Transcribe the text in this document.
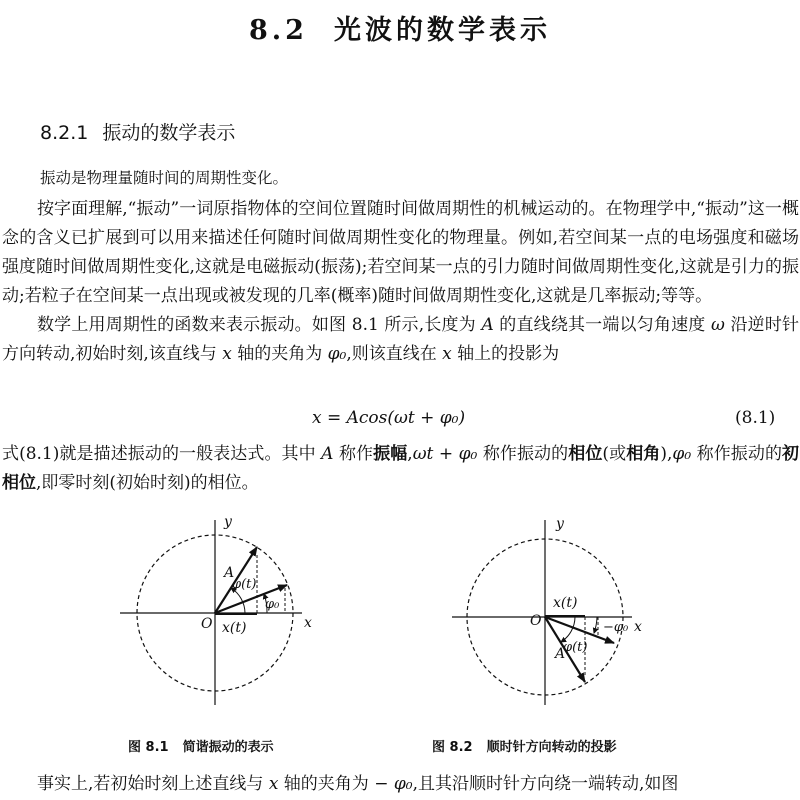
8.2 光波的数学表示
8.2.1 振动的数学表示
振动是物理量随时间的周期性变化。

按字面理解,“振动”一词原指物体的空间位置随时间做周期性的机械运动的。在物理学中,“振动”这一概念的含义已扩展到可以用来描述任何随时间做周期性变化的物理量。例如,若空间某一点的电场强度和磁场强度随时间做周期性变化,这就是电磁振动(振荡);若空间某一点的引力随时间做周期性变化,这就是引力的振动;若粒子在空间某一点出现或被发现的几率(概率)随时间做周期性变化,这就是几率振动;等等。

数学上用周期性的函数来表示振动。如图 8.1 所示,长度为 A 的直线绕其一端以匀角速度 ω 沿逆时针方向转动,初始时刻,该直线与 x 轴的夹角为 φ₀,则该直线在 x 轴上的投影为

x = Acos(ωt + φ₀)	(8.1)

式(8.1)就是描述振动的一般表达式。其中 A 称作振幅,ωt + φ₀ 称作振动的相位(或相角),φ₀ 称作振动的初相位,即零时刻(初始时刻)的相位。

y
x
O
A
φ(t)
φ₀
x(t)
y
x
O
x(t)
−φ₀
φ(t)
A
图 8.1 简谐振动的表示	图 8.2 顺时针方向转动的投影

事实上,若初始时刻上述直线与 x 轴的夹角为 − φ₀,且其沿顺时针方向绕一端转动,如图
